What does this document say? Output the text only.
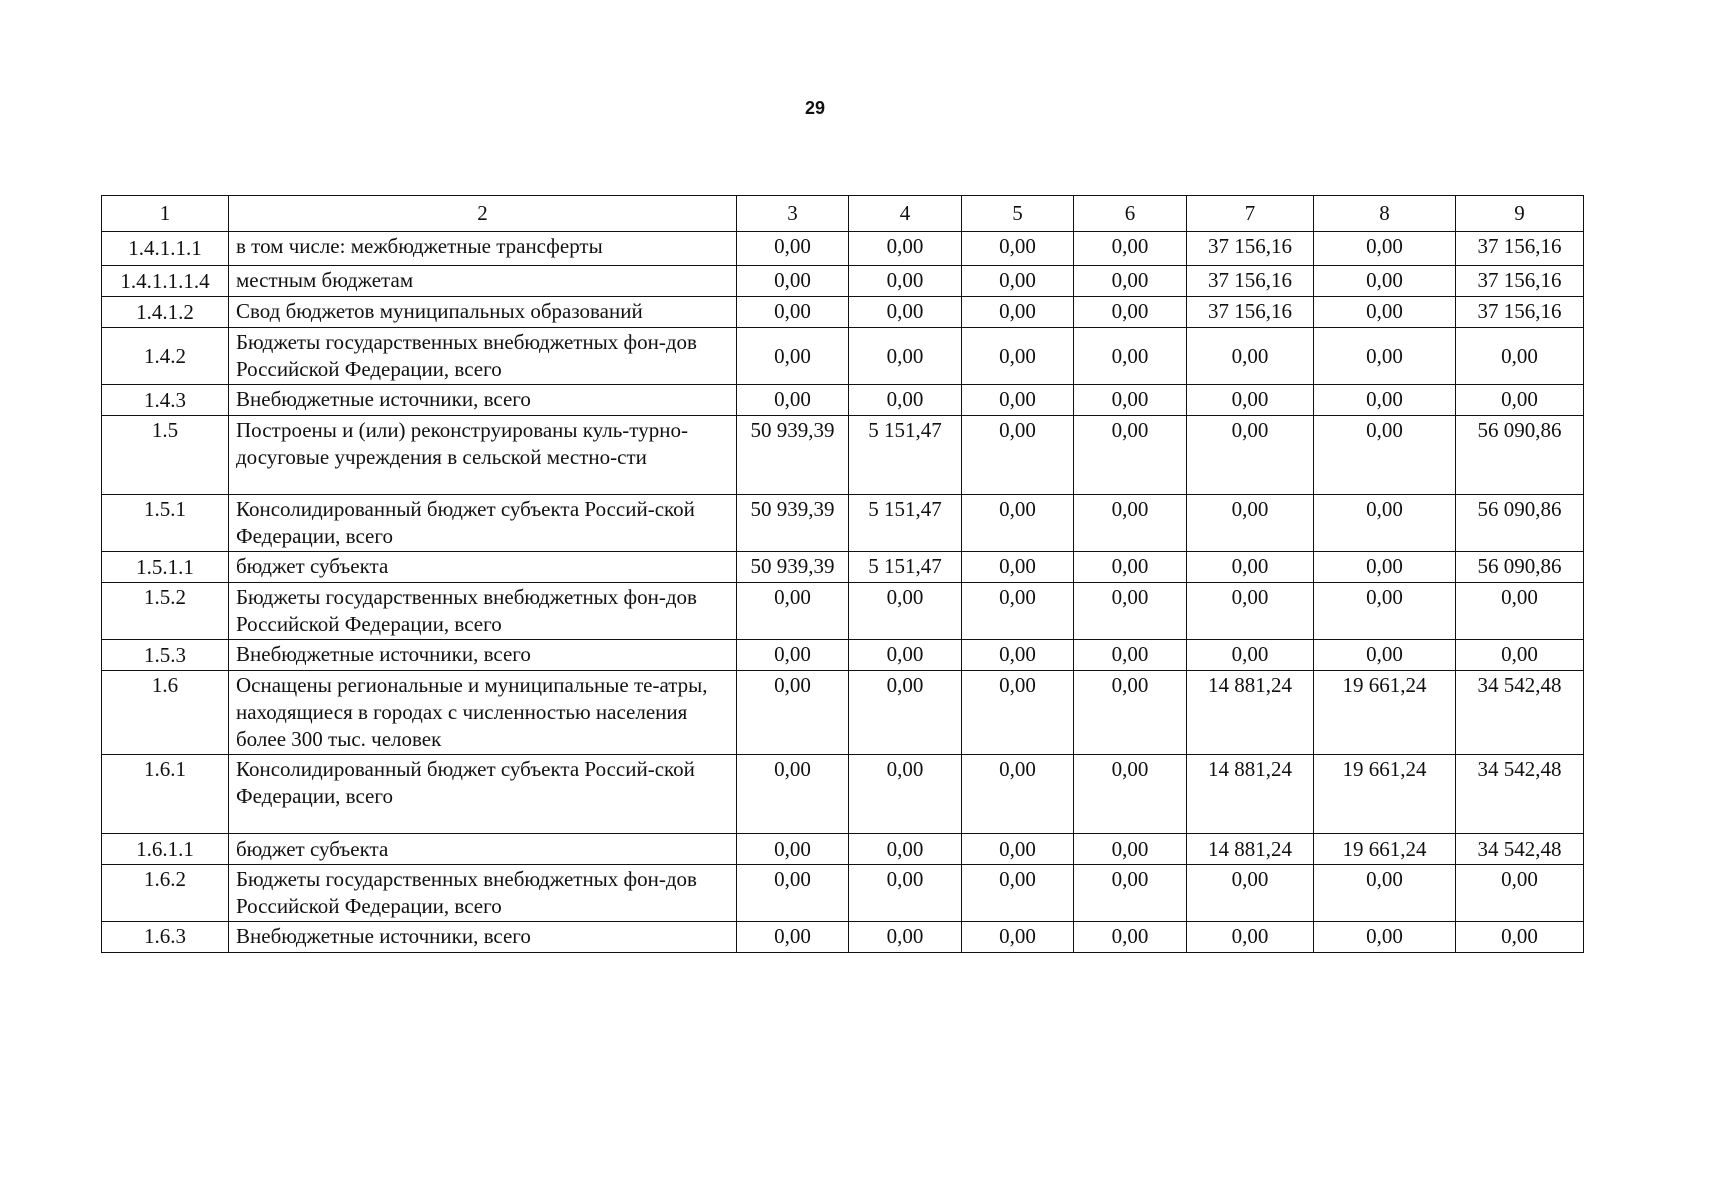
29
1	2	3	4	5	6	7	8	9
1.4.1.1.1	в том числе: межбюджетные трансферты	0,00	0,00	0,00	0,00	37 156,16	0,00	37 156,16
1.4.1.1.1.4	местным бюджетам	0,00	0,00	0,00	0,00	37 156,16	0,00	37 156,16
1.4.1.2	Свод бюджетов муниципальных образований	0,00	0,00	0,00	0,00	37 156,16	0,00	37 156,16
1.4.2	Бюджеты государственных внебюджетных фон-дов Российской Федерации, всего	0,00	0,00	0,00	0,00	0,00	0,00	0,00
1.4.3	Внебюджетные источники, всего	0,00	0,00	0,00	0,00	0,00	0,00	0,00
1.5	Построены и (или) реконструированы куль-турно-досуговые учреждения в сельской местно-сти	50 939,39	5 151,47	0,00	0,00	0,00	0,00	56 090,86
1.5.1	Консолидированный бюджет субъекта Россий-ской Федерации, всего	50 939,39	5 151,47	0,00	0,00	0,00	0,00	56 090,86
1.5.1.1	бюджет субъекта	50 939,39	5 151,47	0,00	0,00	0,00	0,00	56 090,86
1.5.2	Бюджеты государственных внебюджетных фон-дов Российской Федерации, всего	0,00	0,00	0,00	0,00	0,00	0,00	0,00
1.5.3	Внебюджетные источники, всего	0,00	0,00	0,00	0,00	0,00	0,00	0,00
1.6	Оснащены региональные и муниципальные те-атры, находящиеся в городах с численностью населения более 300 тыс. человек	0,00	0,00	0,00	0,00	14 881,24	19 661,24	34 542,48
1.6.1	Консолидированный бюджет субъекта Россий-ской Федерации, всего	0,00	0,00	0,00	0,00	14 881,24	19 661,24	34 542,48
1.6.1.1	бюджет субъекта	0,00	0,00	0,00	0,00	14 881,24	19 661,24	34 542,48
1.6.2	Бюджеты государственных внебюджетных фон-дов Российской Федерации, всего	0,00	0,00	0,00	0,00	0,00	0,00	0,00
1.6.3	Внебюджетные источники, всего	0,00	0,00	0,00	0,00	0,00	0,00	0,00
